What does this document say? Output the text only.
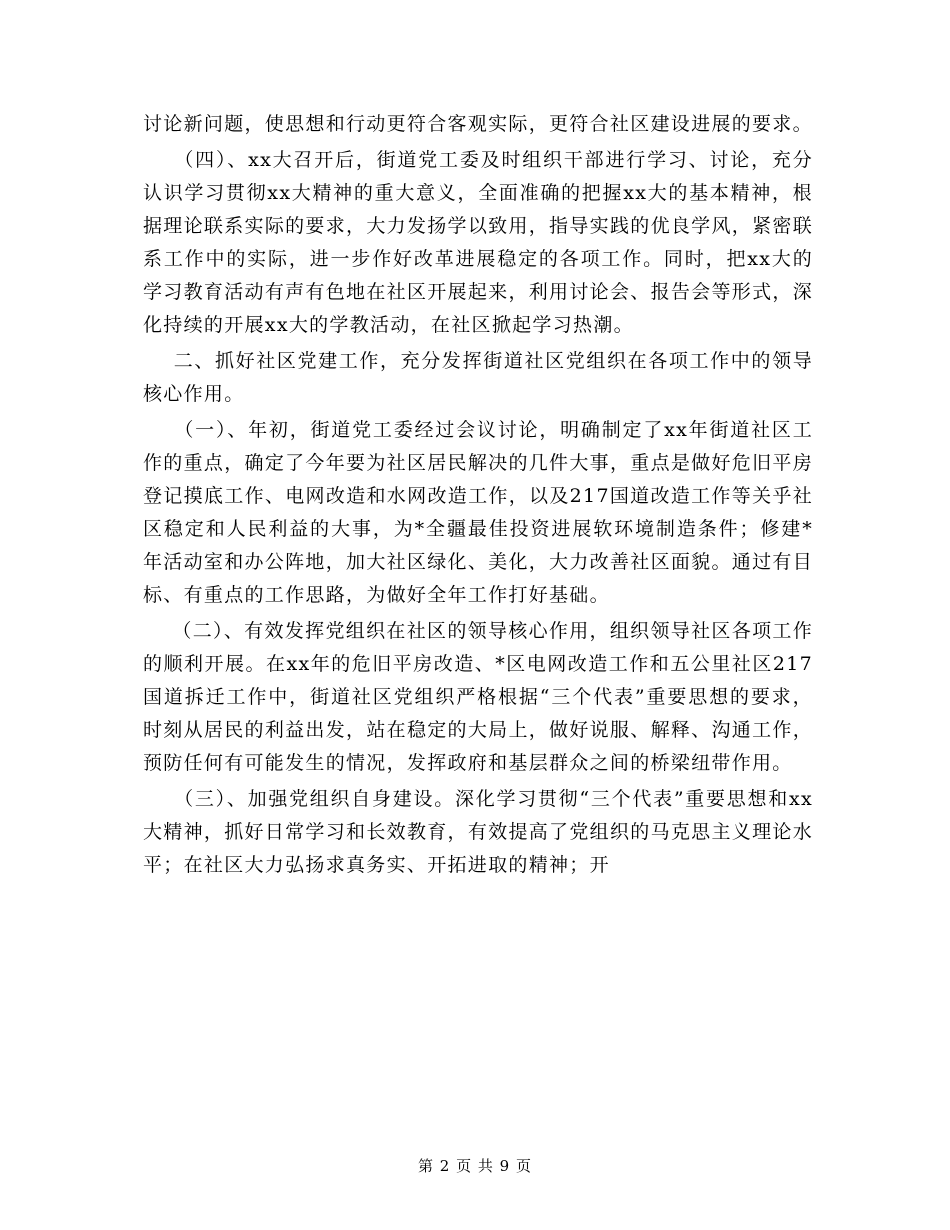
讨论新问题，使思想和行动更符合客观实际，更符合社区建设进展的要求。

（四）、xx大召开后，街道党工委及时组织干部进行学习、讨论，充分认识学习贯彻xx大精神的重大意义，全面准确的把握xx大的基本精神，根据理论联系实际的要求，大力发扬学以致用，指导实践的优良学风，紧密联系工作中的实际，进一步作好改革进展稳定的各项工作。同时，把xx大的学习教育活动有声有色地在社区开展起来，利用讨论会、报告会等形式，深化持续的开展xx大的学教活动，在社区掀起学习热潮。

二、抓好社区党建工作，充分发挥街道社区党组织在各项工作中的领导核心作用。

（一）、年初，街道党工委经过会议讨论，明确制定了xx年街道社区工作的重点，确定了今年要为社区居民解决的几件大事，重点是做好危旧平房登记摸底工作、电网改造和水网改造工作，以及217国道改造工作等关乎社区稳定和人民利益的大事，为*全疆最佳投资进展软环境制造条件；修建*年活动室和办公阵地，加大社区绿化、美化，大力改善社区面貌。通过有目标、有重点的工作思路，为做好全年工作打好基础。

（二）、有效发挥党组织在社区的领导核心作用，组织领导社区各项工作的顺利开展。在xx年的危旧平房改造、*区电网改造工作和五公里社区217国道拆迁工作中，街道社区党组织严格根据“三个代表”重要思想的要求，时刻从居民的利益出发，站在稳定的大局上，做好说服、解释、沟通工作，预防任何有可能发生的情况，发挥政府和基层群众之间的桥梁纽带作用。

（三）、加强党组织自身建设。深化学习贯彻“三个代表”重要思想和xx大精神，抓好日常学习和长效教育，有效提高了党组织的马克思主义理论水平；在社区大力弘扬求真务实、开拓进取的精神；开

第 2 页 共 9 页
